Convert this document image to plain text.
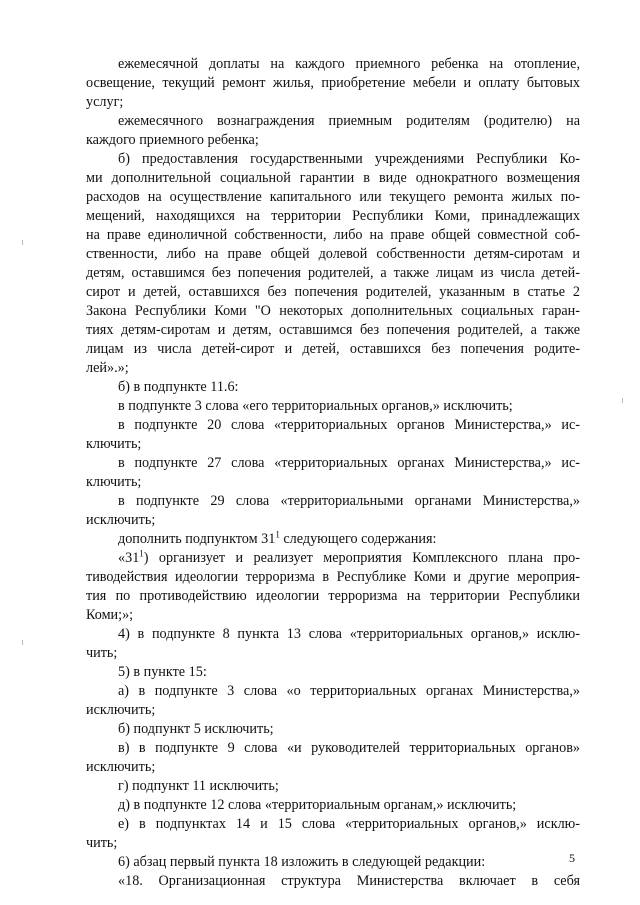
ежемесячной доплаты на каждого приемного ребенка на отопление,
освещение, текущий ремонт жилья, приобретение мебели и оплату бытовых
услуг;
ежемесячного вознаграждения приемным родителям (родителю) на
каждого приемного ребенка;
б) предоставления государственными учреждениями Республики Ко-
ми дополнительной социальной гарантии в виде однократного возмещения
расходов на осуществление капитального или текущего ремонта жилых по-
мещений, находящихся на территории Республики Коми, принадлежащих
на праве единоличной собственности, либо на праве общей совместной соб-
ственности, либо на праве общей долевой собственности детям-сиротам и
детям, оставшимся без попечения родителей, а также лицам из числа детей-
сирот и детей, оставшихся без попечения родителей, указанным в статье 2
Закона Республики Коми "О некоторых дополнительных социальных гаран-
тиях детям-сиротам и детям, оставшимся без попечения родителей, а также
лицам из числа детей-сирот и детей, оставшихся без попечения родите-
лей».»;
б) в подпункте 11.6:
в подпункте 3 слова «его территориальных органов,» исключить;
в подпункте 20 слова «территориальных органов Министерства,» ис-
ключить;
в подпункте 27 слова «территориальных органах Министерства,» ис-
ключить;
в подпункте 29 слова «территориальными органами Министерства,»
исключить;
дополнить подпунктом $31^1$ следующего содержания:
«$31^1$) организует и реализует мероприятия Комплексного плана про-
тиводействия идеологии терроризма в Республике Коми и другие мероприя-
тия по противодействию идеологии терроризма на территории Республики
Коми;»;
4) в подпункте 8 пункта 13 слова «территориальных органов,» исклю-
чить;
5) в пункте 15:
а) в подпункте 3 слова «о территориальных органах Министерства,»
исключить;
б) подпункт 5 исключить;
в) в подпункте 9 слова «и руководителей территориальных органов»
исключить;
г) подпункт 11 исключить;
д) в подпункте 12 слова «территориальным органам,» исключить;
е) в подпунктах 14 и 15 слова «территориальных органов,» исклю-
чить;
6) абзац первый пункта 18 изложить в следующей редакции:
«18. Организационная структура Министерства включает в себя
5
